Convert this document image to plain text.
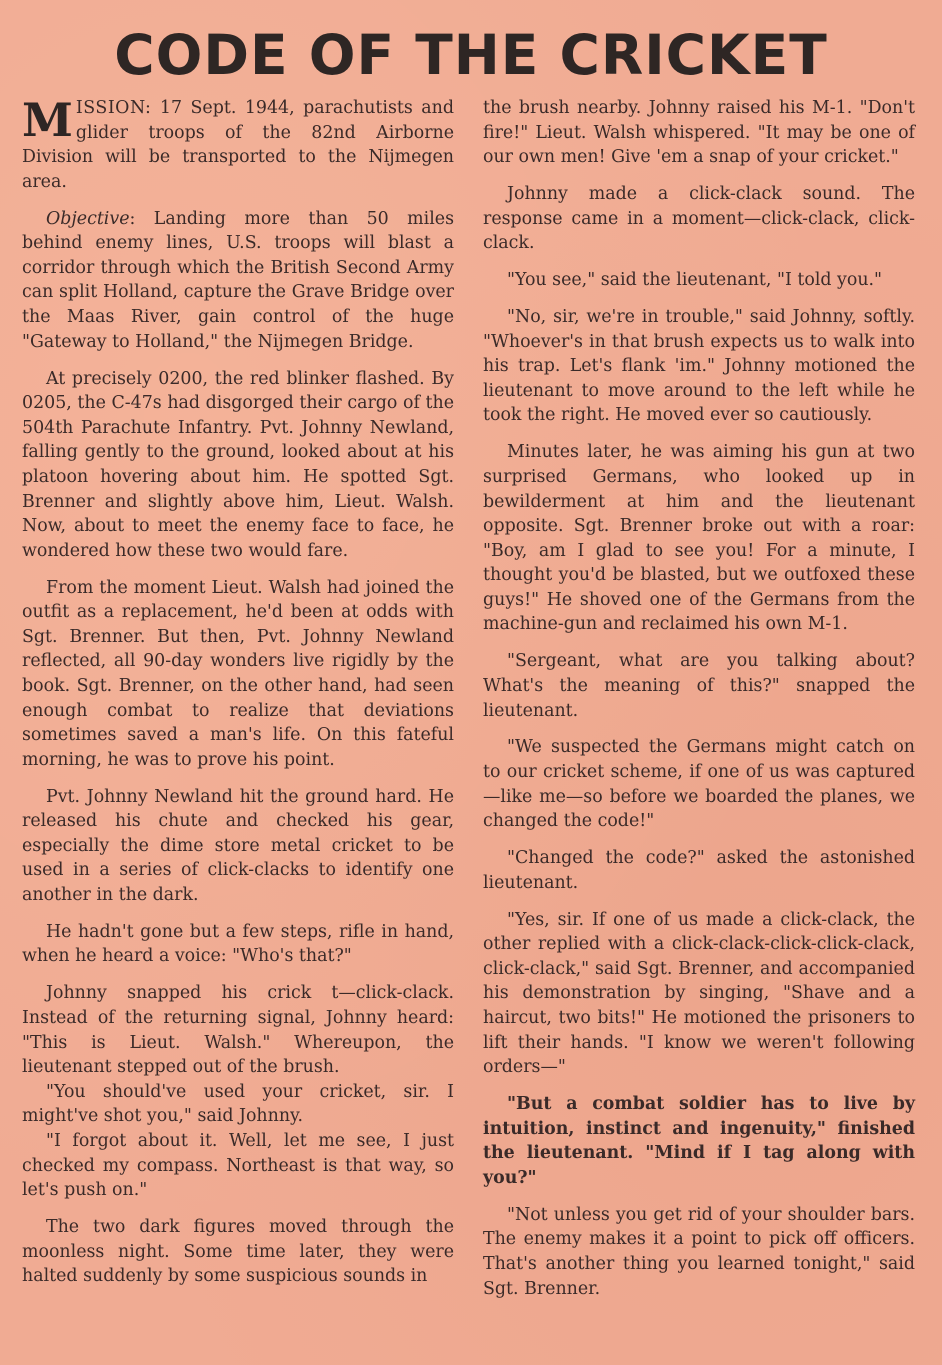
CODE OF THE CRICKET

MISSION: 17 Sept. 1944, parachutists and glider troops of the 82nd Airborne Division will be transported to the Nijmegen area.

Objective: Landing more than 50 miles behind enemy lines, U.S. troops will blast a corridor through which the British Second Army can split Holland, capture the Grave Bridge over the Maas River, gain control of the huge "Gateway to Holland," the Nijmegen Bridge.

At precisely 0200, the red blinker flashed. By 0205, the C-47s had disgorged their cargo of the 504th Parachute Infantry. Pvt. Johnny Newland, falling gently to the ground, looked about at his platoon hovering about him. He spotted Sgt. Brenner and slightly above him, Lieut. Walsh. Now, about to meet the enemy face to face, he wondered how these two would fare.

From the moment Lieut. Walsh had joined the outfit as a replacement, he'd been at odds with Sgt. Brenner. But then, Pvt. Johnny Newland reflected, all 90-day wonders live rigidly by the book. Sgt. Brenner, on the other hand, had seen enough combat to realize that deviations sometimes saved a man's life. On this fateful morning, he was to prove his point.

Pvt. Johnny Newland hit the ground hard. He released his chute and checked his gear, especially the dime store metal cricket to be used in a series of click-clacks to identify one another in the dark.

He hadn't gone but a few steps, rifle in hand, when he heard a voice: "Who's that?"

Johnny snapped his crick t—click-clack. Instead of the returning signal, Johnny heard: "This is Lieut. Walsh." Whereupon, the lieutenant stepped out of the brush.

"You should've used your cricket, sir. I might've shot you," said Johnny.

"I forgot about it. Well, let me see, I just checked my compass. Northeast is that way, so let's push on."

The two dark figures moved through the moonless night. Some time later, they were halted suddenly by some suspicious sounds in

the brush nearby. Johnny raised his M-1. "Don't fire!" Lieut. Walsh whispered. "It may be one of our own men! Give 'em a snap of your cricket."

Johnny made a click-clack sound. The response came in a moment—click-clack, click-clack.

"You see," said the lieutenant, "I told you."

"No, sir, we're in trouble," said Johnny, softly. "Whoever's in that brush expects us to walk into his trap. Let's flank 'im." Johnny motioned the lieutenant to move around to the left while he took the right. He moved ever so cautiously.

Minutes later, he was aiming his gun at two surprised Germans, who looked up in bewilderment at him and the lieutenant opposite. Sgt. Brenner broke out with a roar: "Boy, am I glad to see you! For a minute, I thought you'd be blasted, but we outfoxed these guys!" He shoved one of the Germans from the machine-gun and reclaimed his own M-1.

"Sergeant, what are you talking about? What's the meaning of this?" snapped the lieutenant.

"We suspected the Germans might catch on to our cricket scheme, if one of us was captured—like me—so before we boarded the planes, we changed the code!"

"Changed the code?" asked the astonished lieutenant.

"Yes, sir. If one of us made a click-clack, the other replied with a click-clack-click-click-clack, click-clack," said Sgt. Brenner, and accompanied his demonstration by singing, "Shave and a haircut, two bits!" He motioned the prisoners to lift their hands. "I know we weren't following orders—"

"But a combat soldier has to live by intuition, instinct and ingenuity," finished the lieutenant. "Mind if I tag along with you?"

"Not unless you get rid of your shoulder bars. The enemy makes it a point to pick off officers. That's another thing you learned tonight," said Sgt. Brenner.
